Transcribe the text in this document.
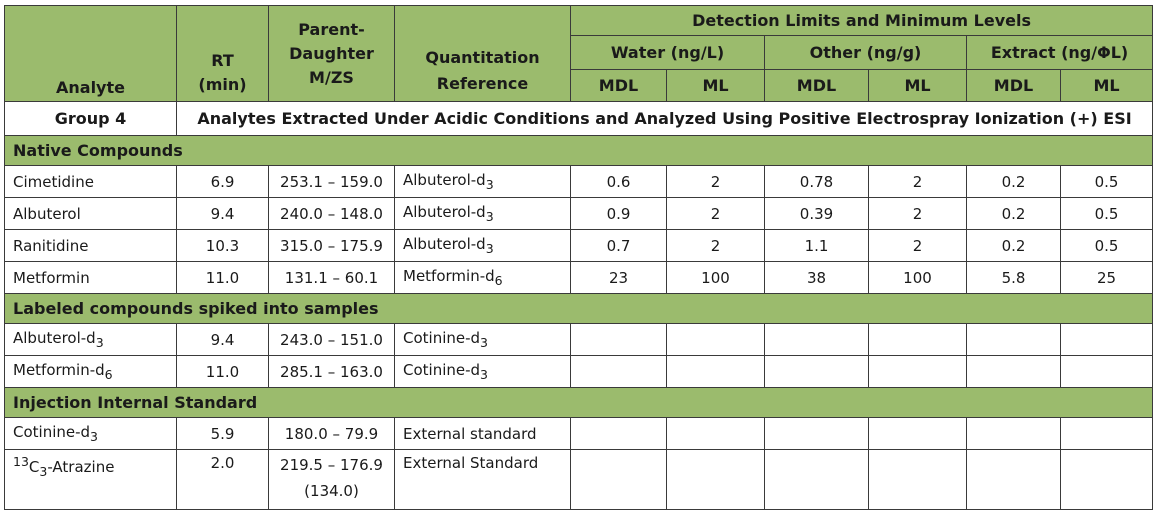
Analyte	RT (min)	Parent-Daughter M/ZS	Quantitation Reference	Detection Limits and Minimum Levels					
				Water (ng/L)		Other (ng/g)		Extract (ng/ΦL)	
				MDL	ML	MDL	ML	MDL	ML
Group 4	Analytes Extracted Under Acidic Conditions and Analyzed Using Positive Electrospray Ionization (+) ESI								
Native Compounds									
Cimetidine	6.9	253.1 – 159.0	Albuterol-$d_3$	0.6	2	0.78	2	0.2	0.5
Albuterol	9.4	240.0 – 148.0	Albuterol-$d_3$	0.9	2	0.39	2	0.2	0.5
Ranitidine	10.3	315.0 – 175.9	Albuterol-$d_3$	0.7	2	1.1	2	0.2	0.5
Metformin	11.0	131.1 – 60.1	Metformin-$d_6$	23	100	38	100	5.8	25
Labeled compounds spiked into samples									
Albuterol-$d_3$	9.4	243.0 – 151.0	Cotinine-$d_3$						
Metformin-$d_6$	11.0	285.1 – 163.0	Cotinine-$d_3$						
Injection Internal Standard									
Cotinine-$d_3$	5.9	180.0 – 79.9	External standard						
$^{13}C_3$-Atrazine	2.0	219.5 – 176.9 (134.0)	External Standard						
